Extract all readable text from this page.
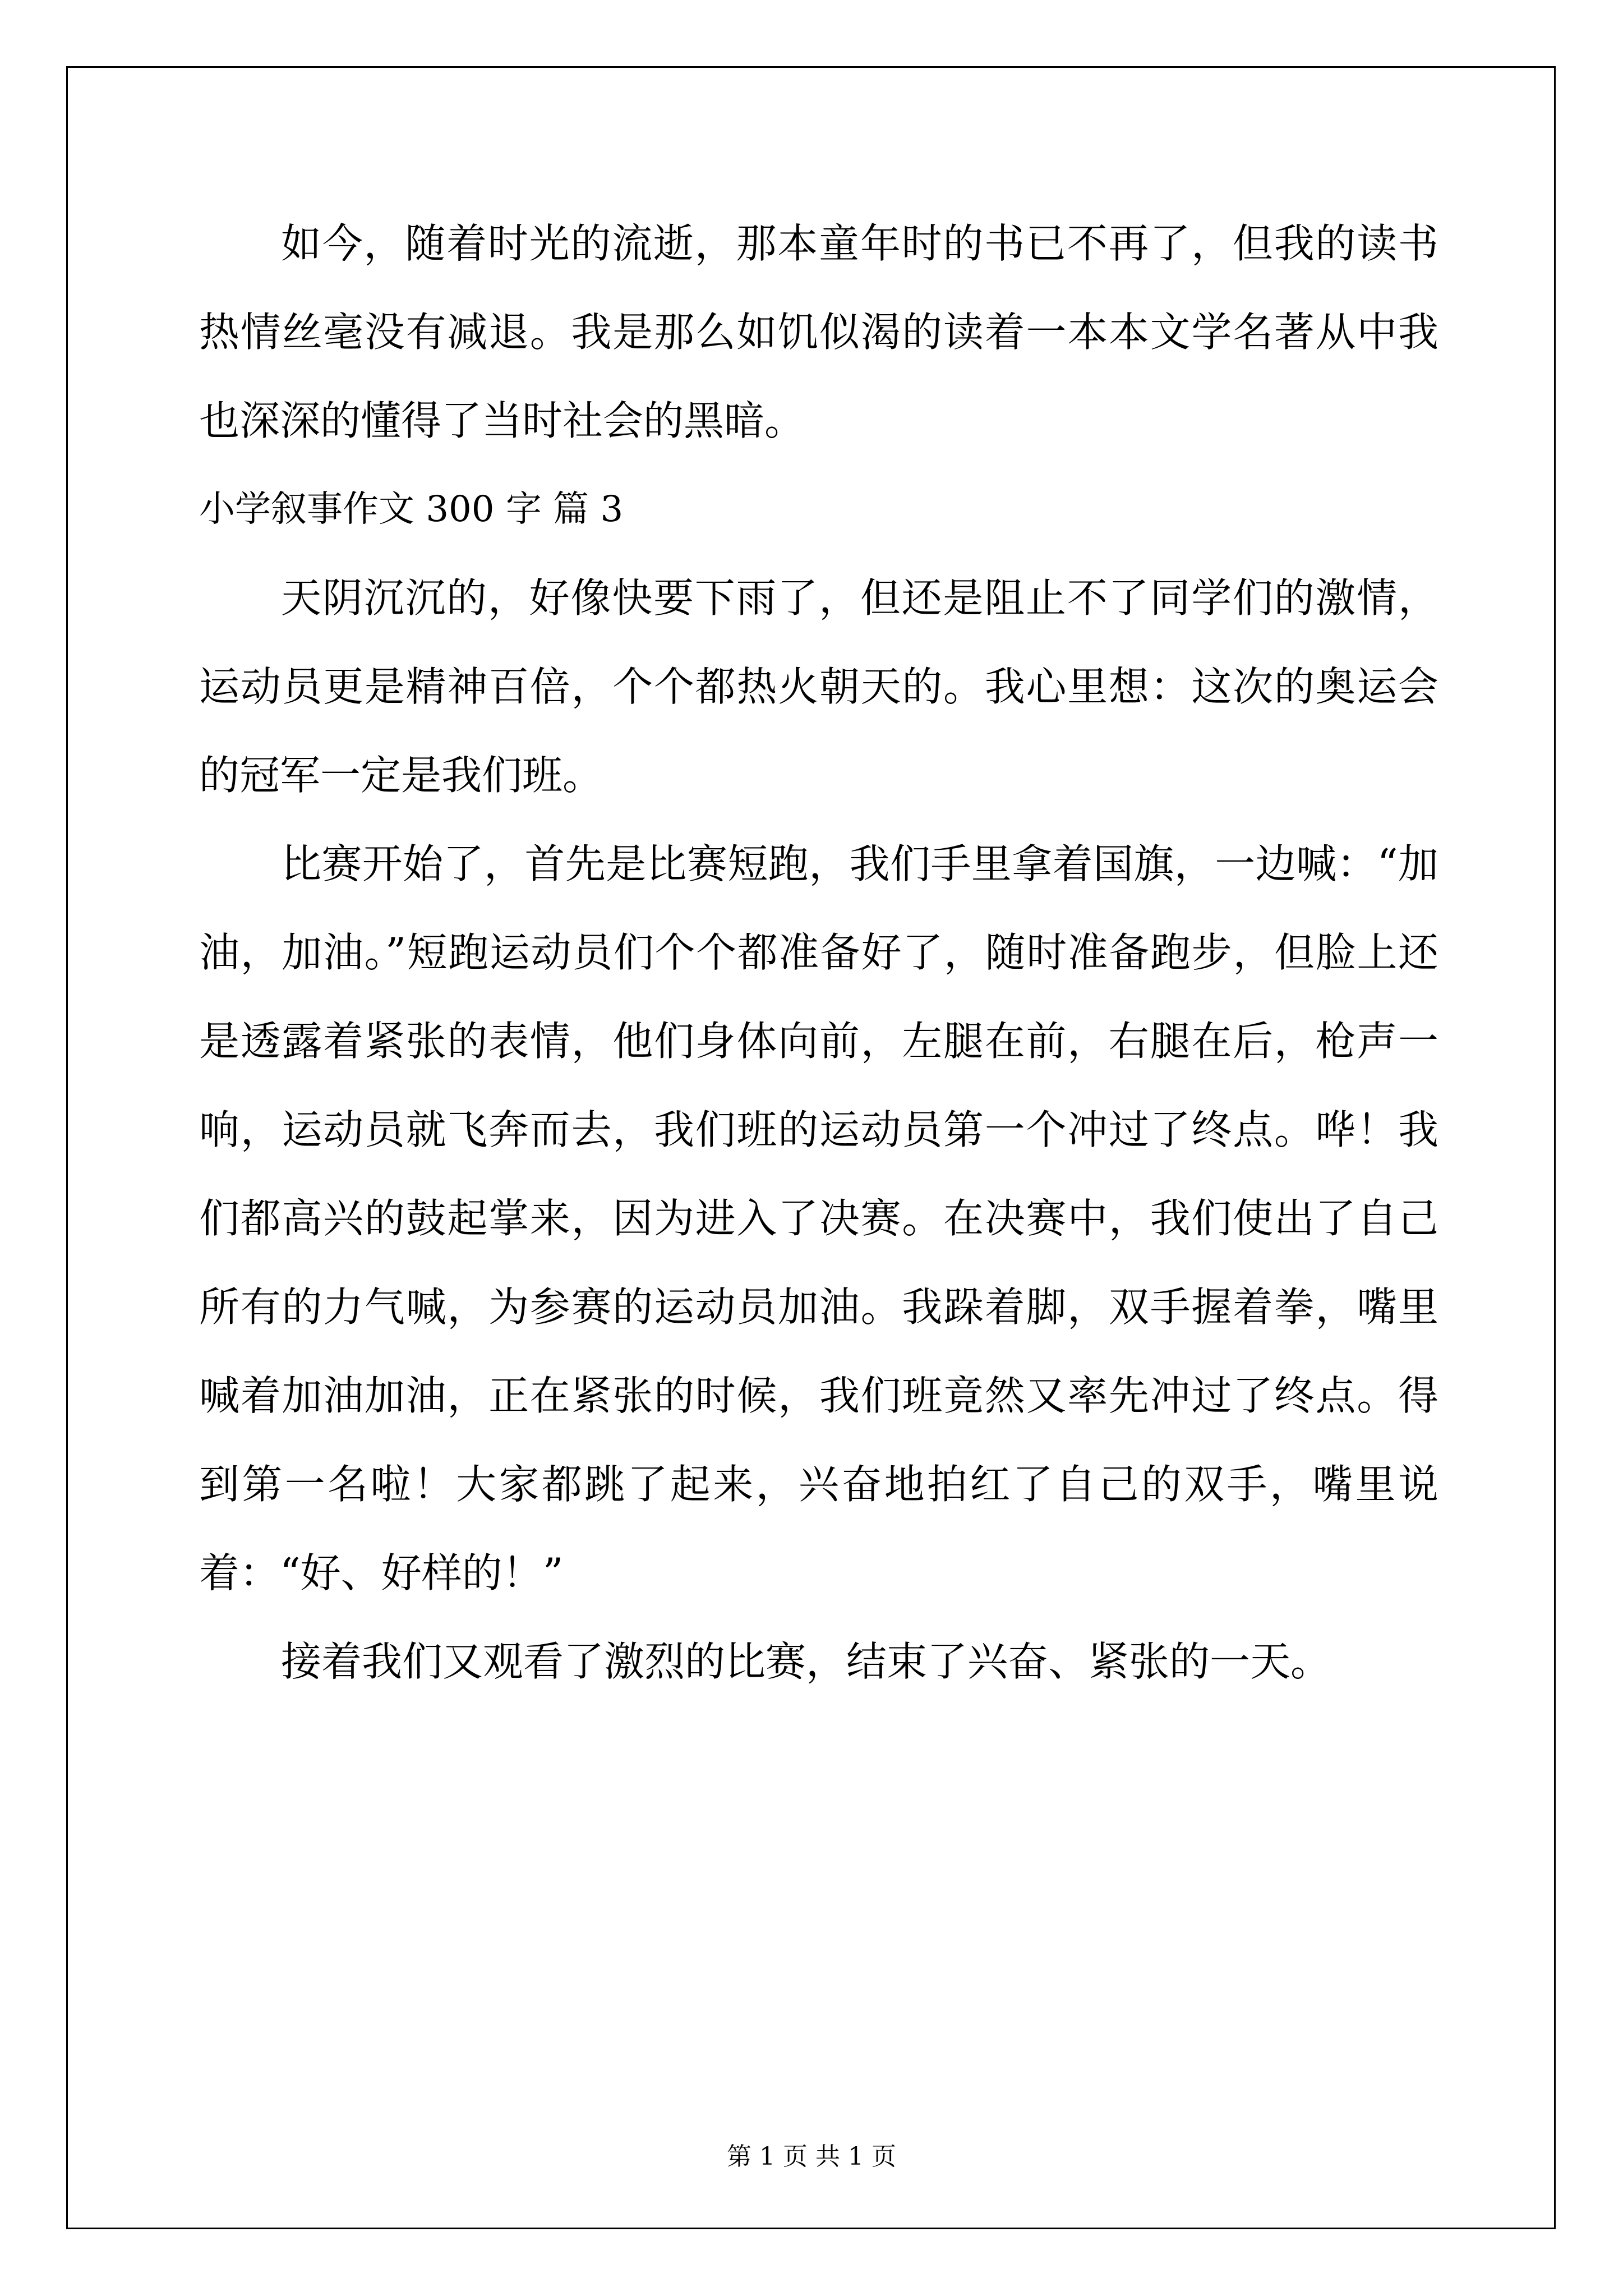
如今，随着时光的流逝，那本童年时的书已不再了，但我的读书热情丝毫没有减退。我是那么如饥似渴的读着一本本文学名著从中我也深深的懂得了当时社会的黑暗。

小学叙事作文 300 字 篇 3

天阴沉沉的，好像快要下雨了，但还是阻止不了同学们的激情，运动员更是精神百倍，个个都热火朝天的。我心里想：这次的奥运会的冠军一定是我们班。

比赛开始了，首先是比赛短跑，我们手里拿着国旗，一边喊：“加油，加油。”短跑运动员们个个都准备好了，随时准备跑步，但脸上还是透露着紧张的表情，他们身体向前，左腿在前，右腿在后，枪声一响，运动员就飞奔而去，我们班的运动员第一个冲过了终点。哗！我们都高兴的鼓起掌来，因为进入了决赛。在决赛中，我们使出了自己所有的力气喊，为参赛的运动员加油。我跺着脚，双手握着拳，嘴里喊着加油加油，正在紧张的时候，我们班竟然又率先冲过了终点。得到第一名啦！大家都跳了起来，兴奋地拍红了自己的双手，嘴里说着：“好、好样的！”

接着我们又观看了激烈的比赛，结束了兴奋、紧张的一天。

第 1 页 共 1 页
